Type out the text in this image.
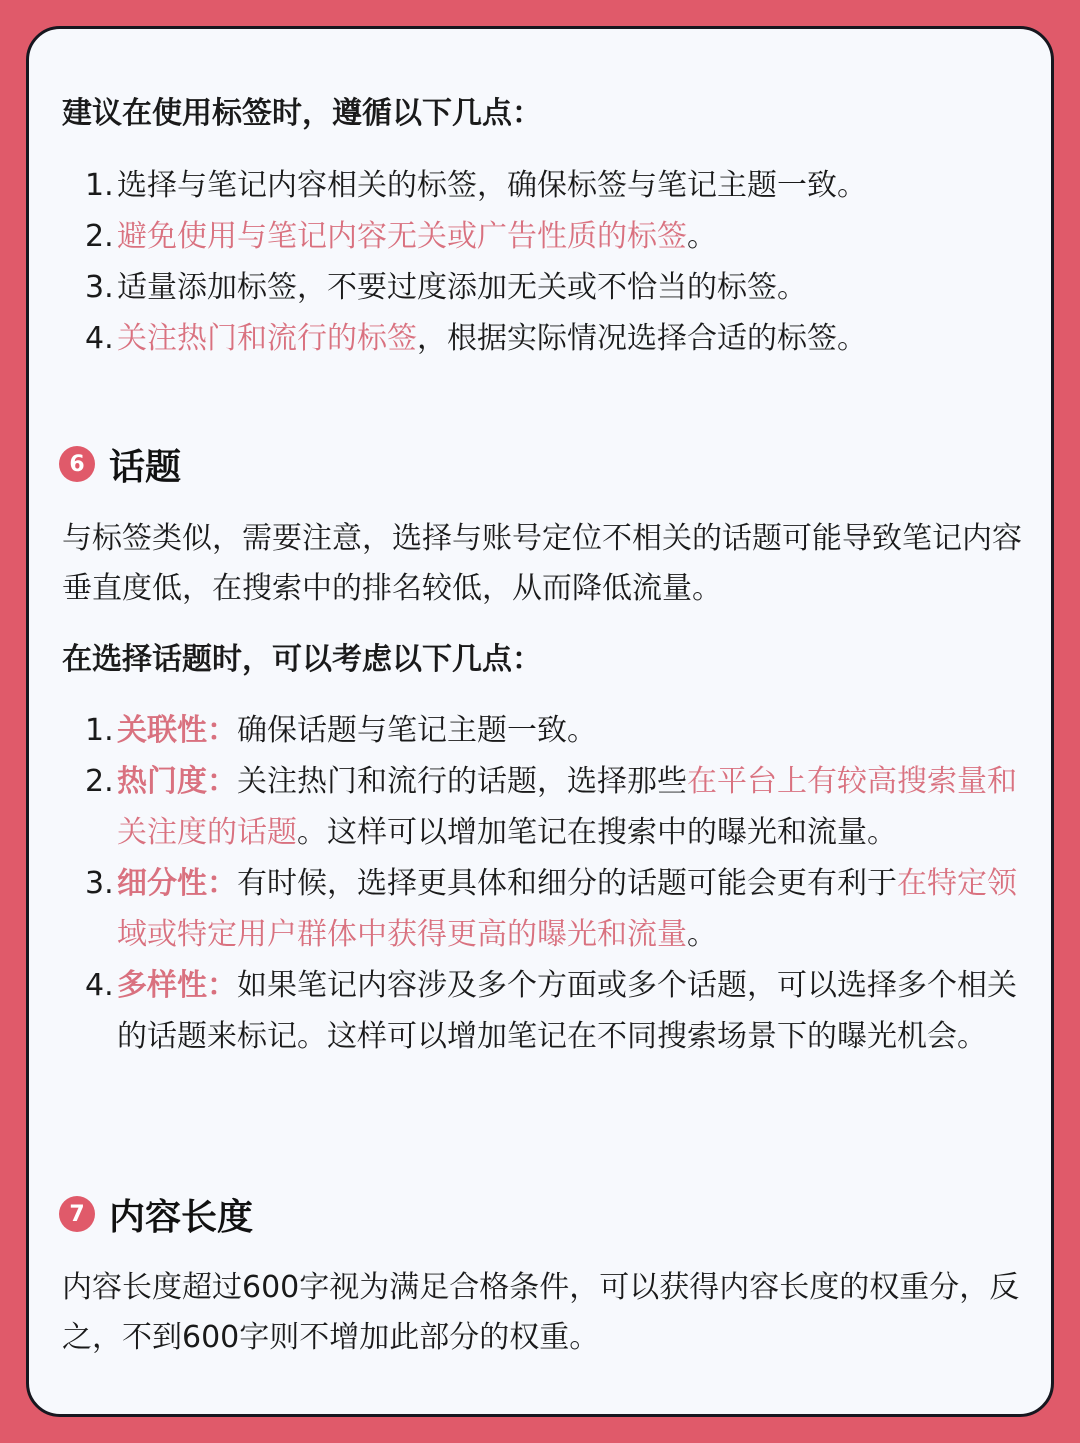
建议在使用标签时，遵循以下几点：
1. 选择与笔记内容相关的标签，确保标签与笔记主题一致。
2. 避免使用与笔记内容无关或广告性质的标签。
3. 适量添加标签，不要过度添加无关或不恰当的标签。
4. 关注热门和流行的标签，根据实际情况选择合适的标签。
6 话题
与标签类似，需要注意，选择与账号定位不相关的话题可能导致笔记内容垂直度低，在搜索中的排名较低，从而降低流量。
在选择话题时，可以考虑以下几点：
1. 关联性：确保话题与笔记主题一致。
2. 热门度：关注热门和流行的话题，选择那些在平台上有较高搜索量和关注度的话题。这样可以增加笔记在搜索中的曝光和流量。
3. 细分性：有时候，选择更具体和细分的话题可能会更有利于在特定领域或特定用户群体中获得更高的曝光和流量。
4. 多样性：如果笔记内容涉及多个方面或多个话题，可以选择多个相关的话题来标记。这样可以增加笔记在不同搜索场景下的曝光机会。
7 内容长度
内容长度超过600字视为满足合格条件，可以获得内容长度的权重分，反之，不到600字则不增加此部分的权重。
